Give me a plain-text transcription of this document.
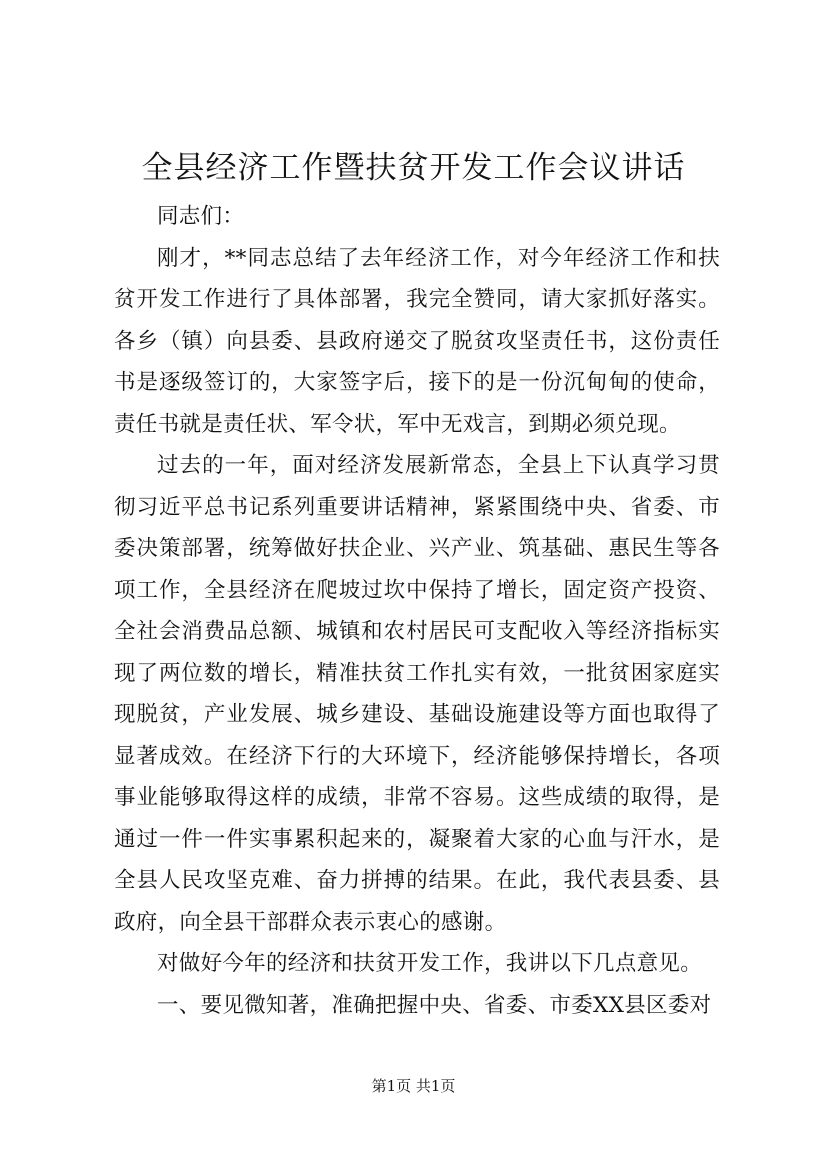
全县经济工作暨扶贫开发工作会议讲话

同志们：

刚才，**同志总结了去年经济工作，对今年经济工作和扶贫开发工作进行了具体部署，我完全赞同，请大家抓好落实。各乡（镇）向县委、县政府递交了脱贫攻坚责任书，这份责任书是逐级签订的，大家签字后，接下的是一份沉甸甸的使命，责任书就是责任状、军令状，军中无戏言，到期必须兑现。

过去的一年，面对经济发展新常态，全县上下认真学习贯彻习近平总书记系列重要讲话精神，紧紧围绕中央、省委、市委决策部署，统筹做好扶企业、兴产业、筑基础、惠民生等各项工作，全县经济在爬坡过坎中保持了增长，固定资产投资、全社会消费品总额、城镇和农村居民可支配收入等经济指标实现了两位数的增长，精准扶贫工作扎实有效，一批贫困家庭实现脱贫，产业发展、城乡建设、基础设施建设等方面也取得了显著成效。在经济下行的大环境下，经济能够保持增长，各项事业能够取得这样的成绩，非常不容易。这些成绩的取得，是通过一件一件实事累积起来的，凝聚着大家的心血与汗水，是全县人民攻坚克难、奋力拼搏的结果。在此，我代表县委、县政府，向全县干部群众表示衷心的感谢。

对做好今年的经济和扶贫开发工作，我讲以下几点意见。

一、要见微知著，准确把握中央、省委、市委XX县区委对

第1页 共1页
